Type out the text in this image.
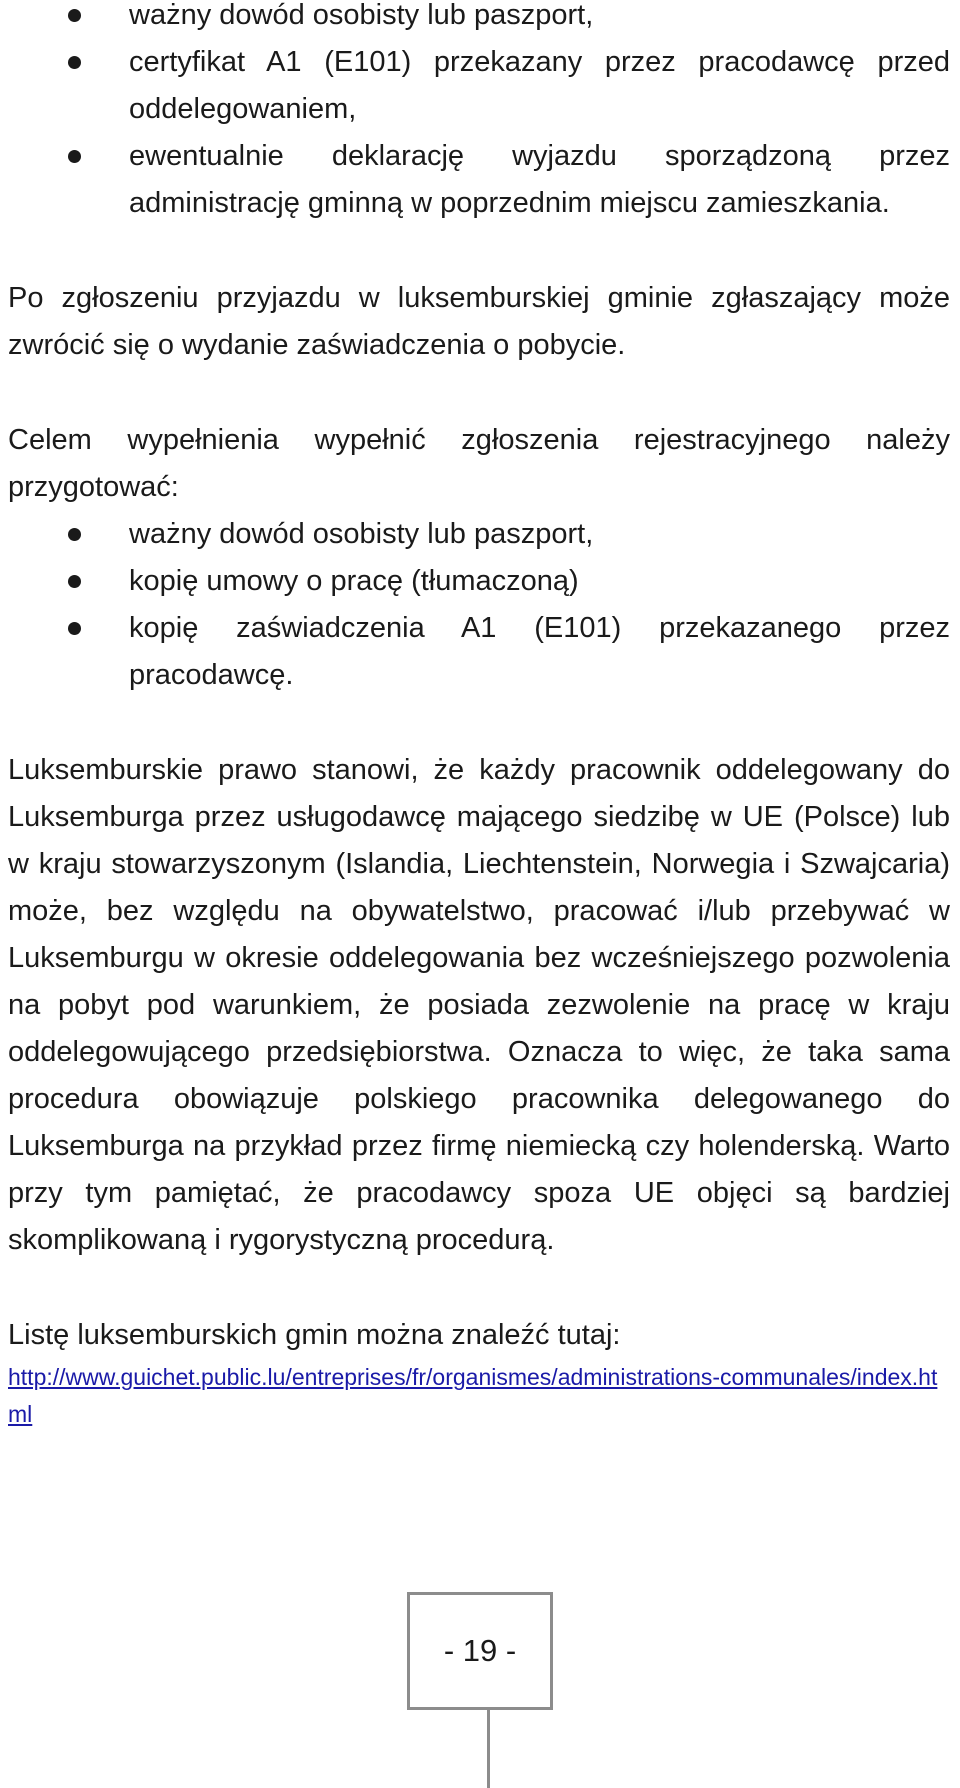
ważny dowód osobisty lub paszport,
certyfikat A1 (E101) przekazany przez pracodawcę przed oddelegowaniem,
ewentualnie deklarację wyjazdu sporządzoną przez administrację gminną w poprzednim miejscu zamieszkania.

Po zgłoszeniu przyjazdu w luksemburskiej gminie zgłaszający może zwrócić się o wydanie zaświadczenia o pobycie.

Celem wypełnienia wypełnić zgłoszenia rejestracyjnego należy przygotować:

ważny dowód osobisty lub paszport,
kopię umowy o pracę (tłumaczoną)
kopię zaświadczenia A1 (E101) przekazanego przez pracodawcę.

Luksemburskie prawo stanowi, że każdy pracownik oddelegowany do Luksemburga przez usługodawcę mającego siedzibę w UE (Polsce) lub w kraju stowarzyszonym (Islandia, Liechtenstein, Norwegia i Szwajcaria) może, bez względu na obywatelstwo, pracować i/lub przebywać w Luksemburgu w okresie oddelegowania bez wcześniejszego pozwolenia na pobyt pod warunkiem, że posiada zezwolenie na pracę w kraju oddelegowującego przedsiębiorstwa. Oznacza to więc, że taka sama procedura obowiązuje polskiego pracownika delegowanego do Luksemburga na przykład przez firmę niemiecką czy holenderską. Warto przy tym pamiętać, że pracodawcy spoza UE objęci są bardziej skomplikowaną i rygorystyczną procedurą.

Listę luksemburskich gmin można znaleźć tutaj:

http://www.guichet.public.lu/entreprises/fr/organismes/administrations-communales/index.html

- 19 -
